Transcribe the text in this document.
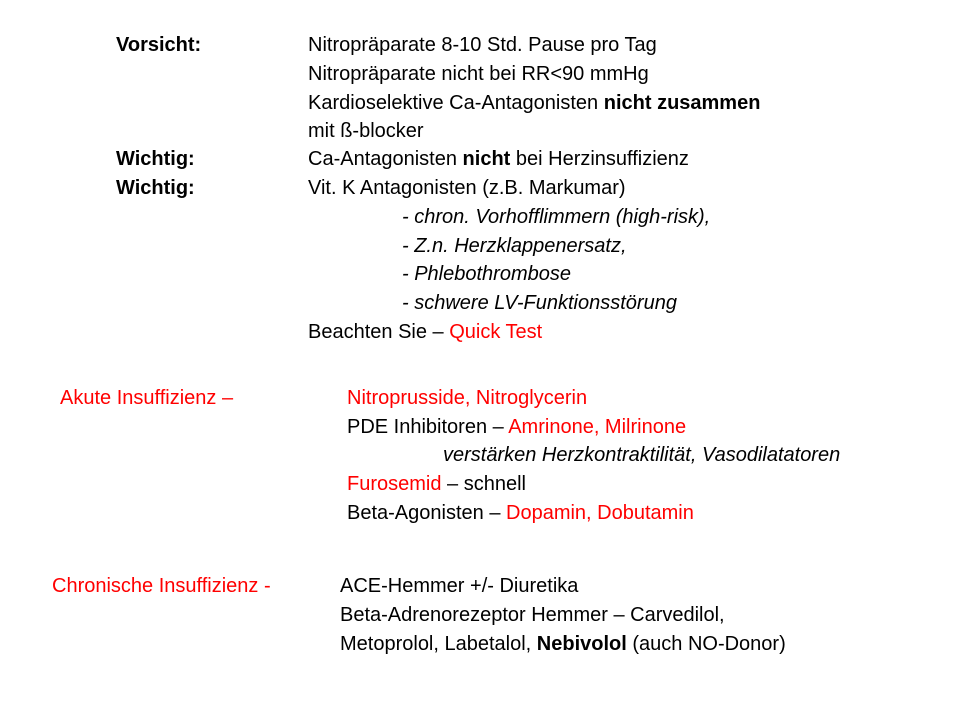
Vorsicht:	Nitropräparate 8-10 Std. Pause pro Tag
Nitropräparate nicht bei RR<90 mmHg
Kardioselektive Ca-Antagonisten nicht zusammen
mit ß-blocker
Wichtig:	Ca-Antagonisten nicht bei Herzinsuffizienz
Wichtig:	Vit. K Antagonisten (z.B. Markumar)
- chron. Vorhofflimmern (high-risk),
- Z.n. Herzklappenersatz,
- Phlebothrombose
- schwere LV-Funktionsstörung
Beachten Sie – Quick Test
Akute Insuffizienz –	Nitroprusside, Nitroglycerin
PDE Inhibitoren – Amrinone, Milrinone
verstärken Herzkontraktilität, Vasodilatatoren
Furosemid – schnell
Beta-Agonisten – Dopamin, Dobutamin
Chronische Insuffizienz -	ACE-Hemmer +/- Diuretika
Beta-Adrenorezeptor Hemmer – Carvedilol,
Metoprolol, Labetalol, Nebivolol (auch NO-Donor)
